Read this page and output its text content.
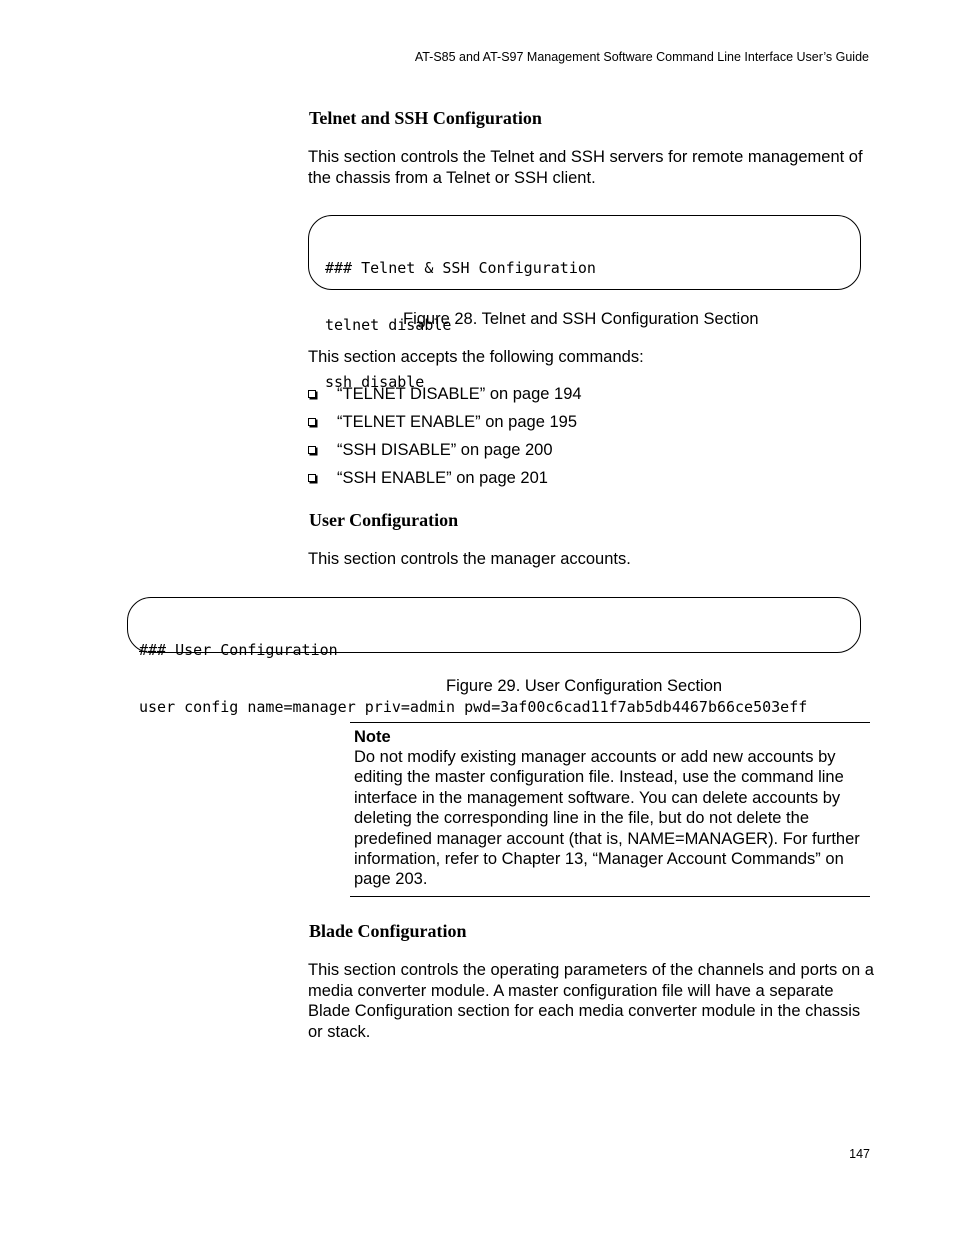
AT-S85 and AT-S97 Management Software Command Line Interface User’s Guide
Telnet and SSH Configuration
This section controls the Telnet and SSH servers for remote management of the chassis from a Telnet or SSH client.

### Telnet & SSH Configuration

telnet disable

ssh disable

Figure 28. Telnet and SSH Configuration Section
This section accepts the following commands:
“TELNET DISABLE” on page 194
“TELNET ENABLE” on page 195
“SSH DISABLE” on page 200
“SSH ENABLE” on page 201
User Configuration
This section controls the manager accounts.

### User Configuration

user config name=manager priv=admin pwd=3af00c6cad11f7ab5db4467b66ce503eff

Figure 29. User Configuration Section
Note
Do not modify existing manager accounts or add new accounts by editing the master configuration file. Instead, use the command line interface in the management software. You can delete accounts by deleting the corresponding line in the file, but do not delete the predefined manager account (that is, NAME=MANAGER). For further information, refer to Chapter 13, “Manager Account Commands” on page 203.
Blade Configuration
This section controls the operating parameters of the channels and ports on a media converter module. A master configuration file will have a separate Blade Configuration section for each media converter module in the chassis or stack.
147
